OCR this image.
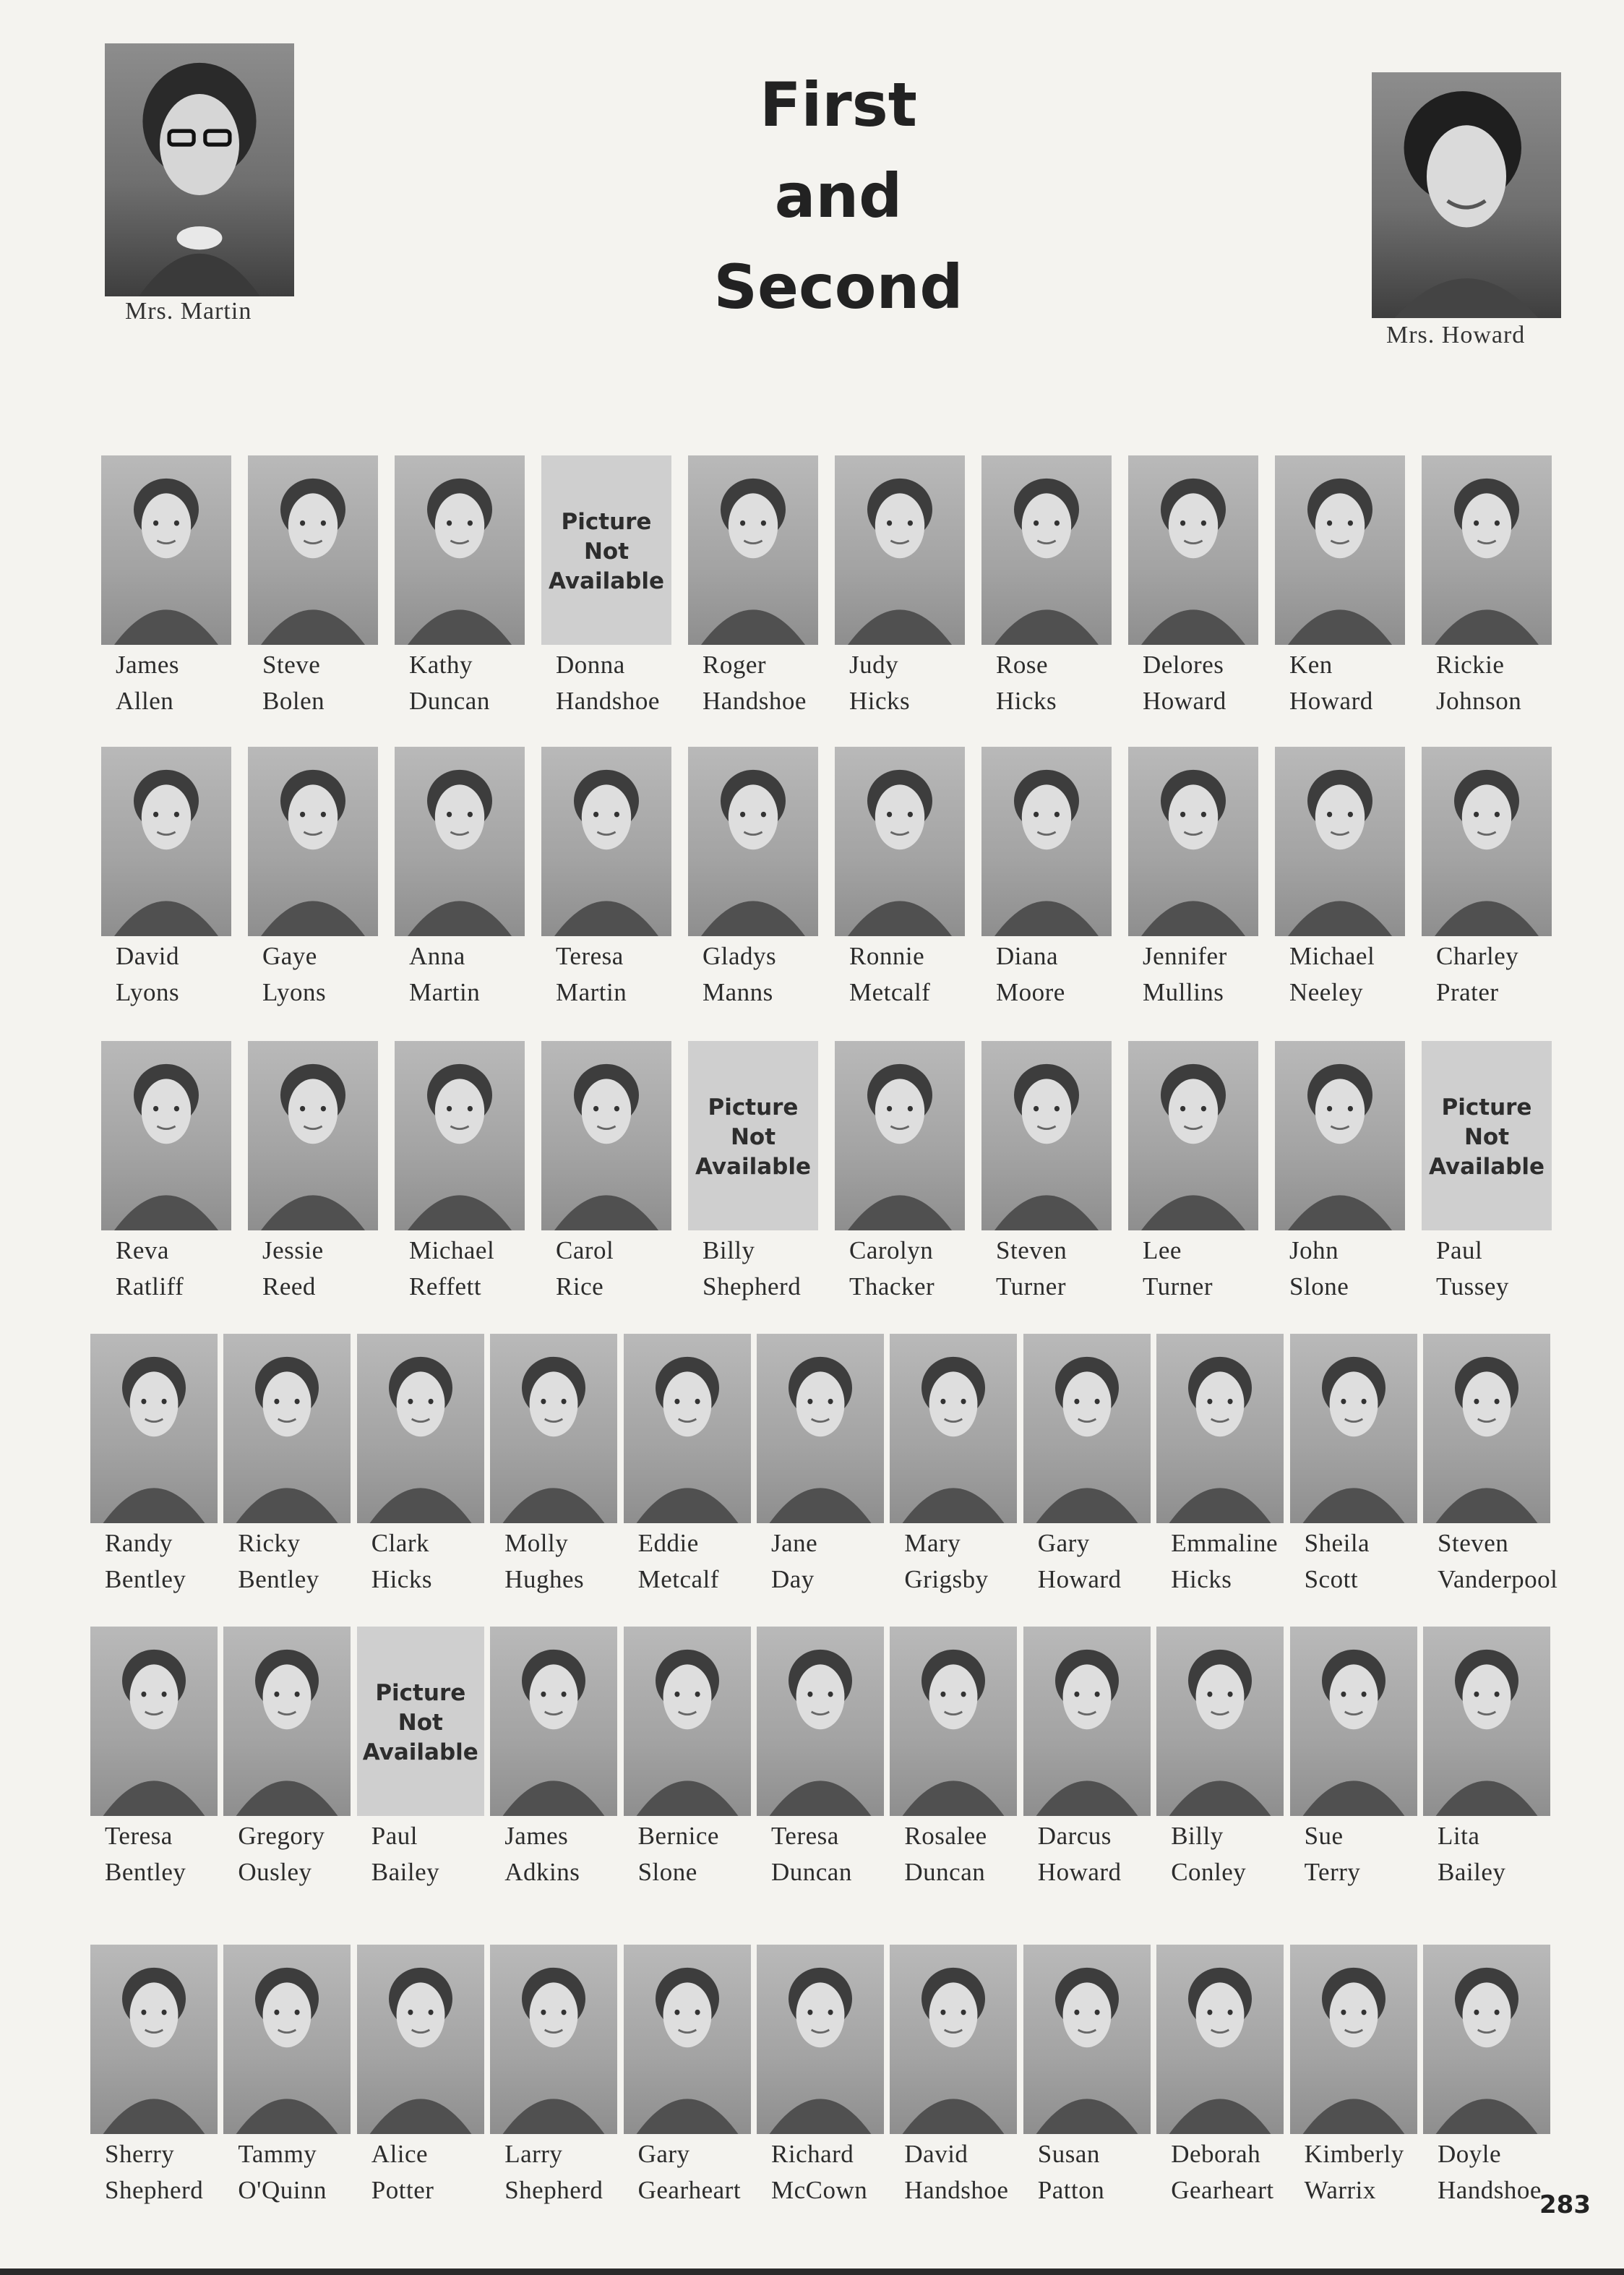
Mrs. Martin
First
and
Second
Mrs. Howard
James
Allen
Steve
Bolen
Kathy
Duncan
Picture
Not
Available
Donna
Handshoe
Roger
Handshoe
Judy
Hicks
Rose
Hicks
Delores
Howard
Ken
Howard
Rickie
Johnson
David
Lyons
Gaye
Lyons
Anna
Martin
Teresa
Martin
Gladys
Manns
Ronnie
Metcalf
Diana
Moore
Jennifer
Mullins
Michael
Neeley
Charley
Prater
Reva
Ratliff
Jessie
Reed
Michael
Reffett
Carol
Rice
Picture
Not
Available
Billy
Shepherd
Carolyn
Thacker
Steven
Turner
Lee
Turner
John
Slone
Picture
Not
Available
Paul
Tussey
Randy
Bentley
Ricky
Bentley
Clark
Hicks
Molly
Hughes
Eddie
Metcalf
Jane
Day
Mary
Grigsby
Gary
Howard
Emmaline
Hicks
Sheila
Scott
Steven
Vanderpool
Teresa
Bentley
Gregory
Ousley
Picture
Not
Available
Paul
Bailey
James
Adkins
Bernice
Slone
Teresa
Duncan
Rosalee
Duncan
Darcus
Howard
Billy
Conley
Sue
Terry
Lita
Bailey
Sherry
Shepherd
Tammy
O'Quinn
Alice
Potter
Larry
Shepherd
Gary
Gearheart
Richard
McCown
David
Handshoe
Susan
Patton
Deborah
Gearheart
Kimberly
Warrix
Doyle
Handshoe
283
